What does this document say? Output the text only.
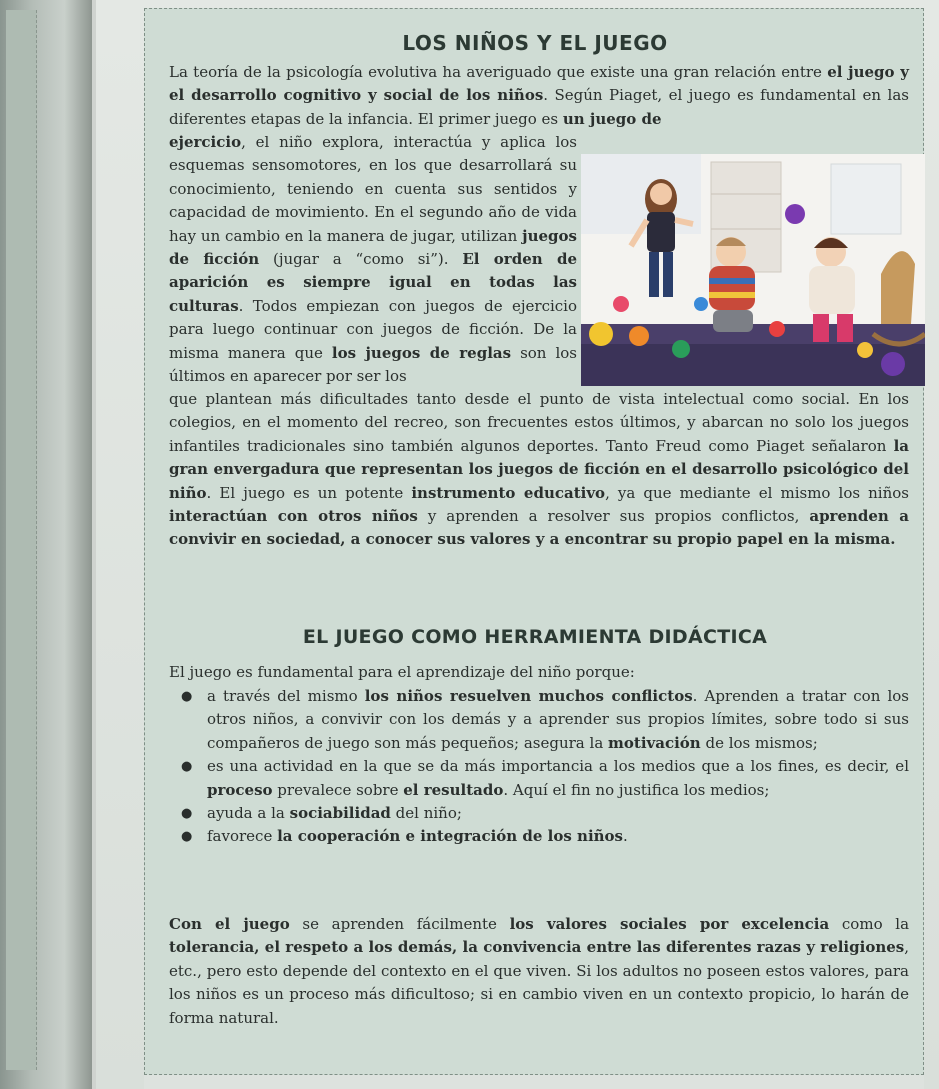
LOS NIÑOS Y EL JUEGO

La teoría de la psicología evolutiva ha averiguado que existe una gran relación entre el juego y el desarrollo cognitivo y social de los niños. Según Piaget, el juego es fundamental en las diferentes etapas de la infancia. El primer juego es un juego de

ejercicio, el niño explora, interactúa y aplica los esquemas sensomotores, en los que desarrollará su conocimiento, teniendo en cuenta sus sentidos y capacidad de movimiento. En el segundo año de vida hay un cambio en la manera de jugar, utilizan juegos de ficción (jugar a “como si”). El orden de aparición es siempre igual en todas las culturas. Todos empiezan con juegos de ejercicio para luego continuar con juegos de ficción. De la misma manera que los juegos de reglas son los últimos en aparecer por ser los

que plantean más dificultades tanto desde el punto de vista intelectual como social. En los colegios, en el momento del recreo, son frecuentes estos últimos, y abarcan no solo los juegos infantiles tradicionales sino también algunos deportes. Tanto Freud como Piaget señalaron la gran envergadura que representan los juegos de ficción en el desarrollo psicológico del niño. El juego es un potente instrumento educativo, ya que mediante el mismo los niños interactúan con otros niños y aprenden a resolver sus propios conflictos, aprenden a convivir en sociedad, a conocer sus valores y a encontrar su propio papel en la misma.

EL JUEGO COMO HERRAMIENTA DIDÁCTICA

El juego es fundamental para el aprendizaje del niño porque:

● a través del mismo los niños resuelven muchos conflictos. Aprenden a tratar con los otros niños, a convivir con los demás y a aprender sus propios límites, sobre todo si sus compañeros de juego son más pequeños; asegura la motivación de los mismos;
● es una actividad en la que se da más importancia a los medios que a los fines, es decir, el proceso prevalece sobre el resultado. Aquí el fin no justifica los medios;
● ayuda a la sociabilidad del niño;
● favorece la cooperación e integración de los niños.

Con el juego se aprenden fácilmente los valores sociales por excelencia como la tolerancia, el respeto a los demás, la convivencia entre las diferentes razas y religiones, etc., pero esto depende del contexto en el que viven. Si los adultos no poseen estos valores, para los niños es un proceso más dificultoso; si en cambio viven en un contexto propicio, lo harán de forma natural.
